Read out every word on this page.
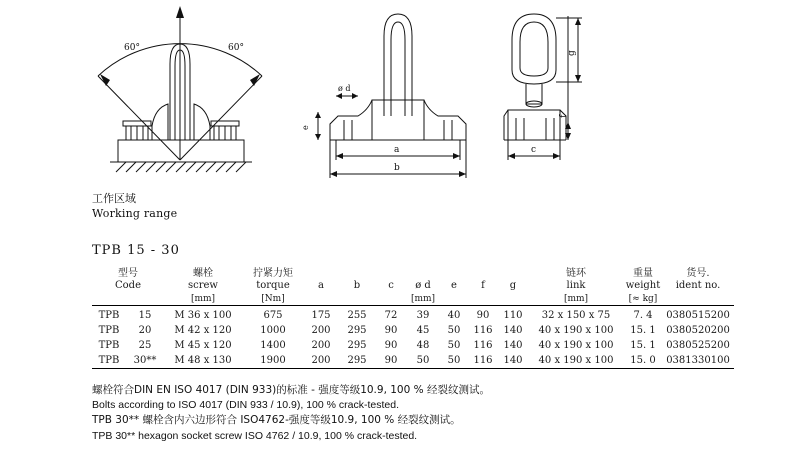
60°	60°
ø d
e
a
b
g
f
c
工作区域
Working range
TPB 15 - 30
型号		螺栓	拧紧力矩								链环	重量	货号.
Code		screw	torque	a	b	c	ø d	e	f	g	link	weight	ident no.
		[mm]	[Nm]				[mm]				[mm]	[≈ kg]	

TPB	15	M 36 x 100	675	175	255	72	39	40	90	110	32 x 150 x 75	7. 4	0380515200
TPB	20	M 42 x 120	1000	200	295	90	45	50	116	140	40 x 190 x 100	15. 1	0380520200
TPB	25	M 45 x 120	1400	200	295	90	48	50	116	140	40 x 190 x 100	15. 1	0380525200
TPB	30**	M 48 x 130	1900	200	295	90	50	50	116	140	40 x 190 x 100	15. 0	0381330100

螺栓符合DIN EN ISO 4017 (DIN 933)的标准 - 强度等级10.9, 100 % 经裂纹测试。
Bolts according to ISO 4017 (DIN 933 / 10.9), 100 % crack-tested.
TPB 30** 螺栓含内六边形符合 ISO4762-强度等级10.9, 100 % 经裂纹测试。
TPB 30** hexagon socket screw ISO 4762 / 10.9, 100 % crack-tested.
